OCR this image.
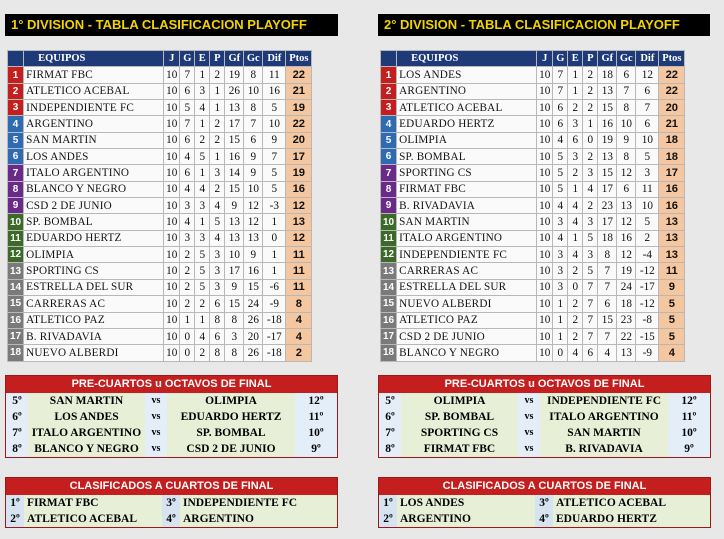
1° DIVISION - TABLA CLASIFICACION PLAYOFF
	EQUIPOS	J	G	E	P	Gf	Gc	Dif	Ptos
1	FIRMAT FBC	10	7	1	2	19	8	11	22
2	ATLETICO ACEBAL	10	6	3	1	26	10	16	21
3	INDEPENDIENTE FC	10	5	4	1	13	8	5	19
4	ARGENTINO	10	7	1	2	17	7	10	22
5	SAN MARTIN	10	6	2	2	15	6	9	20
6	LOS ANDES	10	4	5	1	16	9	7	17
7	ITALO ARGENTINO	10	6	1	3	14	9	5	19
8	BLANCO Y NEGRO	10	4	4	2	15	10	5	16
9	CSD 2 DE JUNIO	10	3	3	4	9	12	-3	12
10	SP. BOMBAL	10	4	1	5	13	12	1	13
11	EDUARDO HERTZ	10	3	3	4	13	13	0	12
12	OLIMPIA	10	2	5	3	10	9	1	11
13	SPORTING CS	10	2	5	3	17	16	1	11
14	ESTRELLA DEL SUR	10	2	5	3	9	15	-6	11
15	CARRERAS AC	10	2	2	6	15	24	-9	8
16	ATLETICO PAZ	10	1	1	8	8	26	-18	4
17	B. RIVADAVIA	10	0	4	6	3	20	-17	4
18	NUEVO ALBERDI	10	0	2	8	8	26	-18	2
PRE-CUARTOS u OCTAVOS DE FINAL
5º	SAN MARTIN	vs	OLIMPIA	12º
6º	LOS ANDES	vs	EDUARDO HERTZ	11º
7º ITALO ARGENTINO	vs	SP. BOMBAL	10º
8º	BLANCO Y NEGRO	vs	CSD 2 DE JUNIO	9º
CLASIFICADOS A CUARTOS DE FINAL
1º FIRMAT FBC	3º INDEPENDIENTE FC
2º ATLETICO ACEBAL	4º ARGENTINO
2° DIVISION - TABLA CLASIFICACION PLAYOFF
	EQUIPOS	J	G	E	P	Gf	Gc	Dif	Ptos
1	LOS ANDES	10	7	1	2	18	6	12	22
2	ARGENTINO	10	7	1	2	13	7	6	22
3	ATLETICO ACEBAL	10	6	2	2	15	8	7	20
4	EDUARDO HERTZ	10	6	3	1	16	10	6	21
5	OLIMPIA	10	4	6	0	19	9	10	18
6	SP. BOMBAL	10	5	3	2	13	8	5	18
7	SPORTING CS	10	5	2	3	15	12	3	17
8	FIRMAT FBC	10	5	1	4	17	6	11	16
9	B. RIVADAVIA	10	4	4	2	23	13	10	16
10	SAN MARTIN	10	3	4	3	17	12	5	13
11	ITALO ARGENTINO	10	4	1	5	18	16	2	13
12	INDEPENDIENTE FC	10	3	4	3	8	12	-4	13
13	CARRERAS AC	10	3	2	5	7	19	-12	11
14	ESTRELLA DEL SUR	10	3	0	7	7	24	-17	9
15	NUEVO ALBERDI	10	1	2	7	6	18	-12	5
16	ATLETICO PAZ	10	1	2	7	15	23	-8	5
17	CSD 2 DE JUNIO	10	1	2	7	7	22	-15	5
18	BLANCO Y NEGRO	10	0	4	6	4	13	-9	4
PRE-CUARTOS u OCTAVOS DE FINAL
5º	OLIMPIA	vs	INDEPENDIENTE FC	12º
6º	SP. BOMBAL	vs	ITALO ARGENTINO	11º
7º	SPORTING CS	vs	SAN MARTIN	10º
8º	FIRMAT FBC	vs	B. RIVADAVIA	9º
CLASIFICADOS A CUARTOS DE FINAL
1º LOS ANDES	3º ATLETICO ACEBAL
2º ARGENTINO	4º EDUARDO HERTZ
